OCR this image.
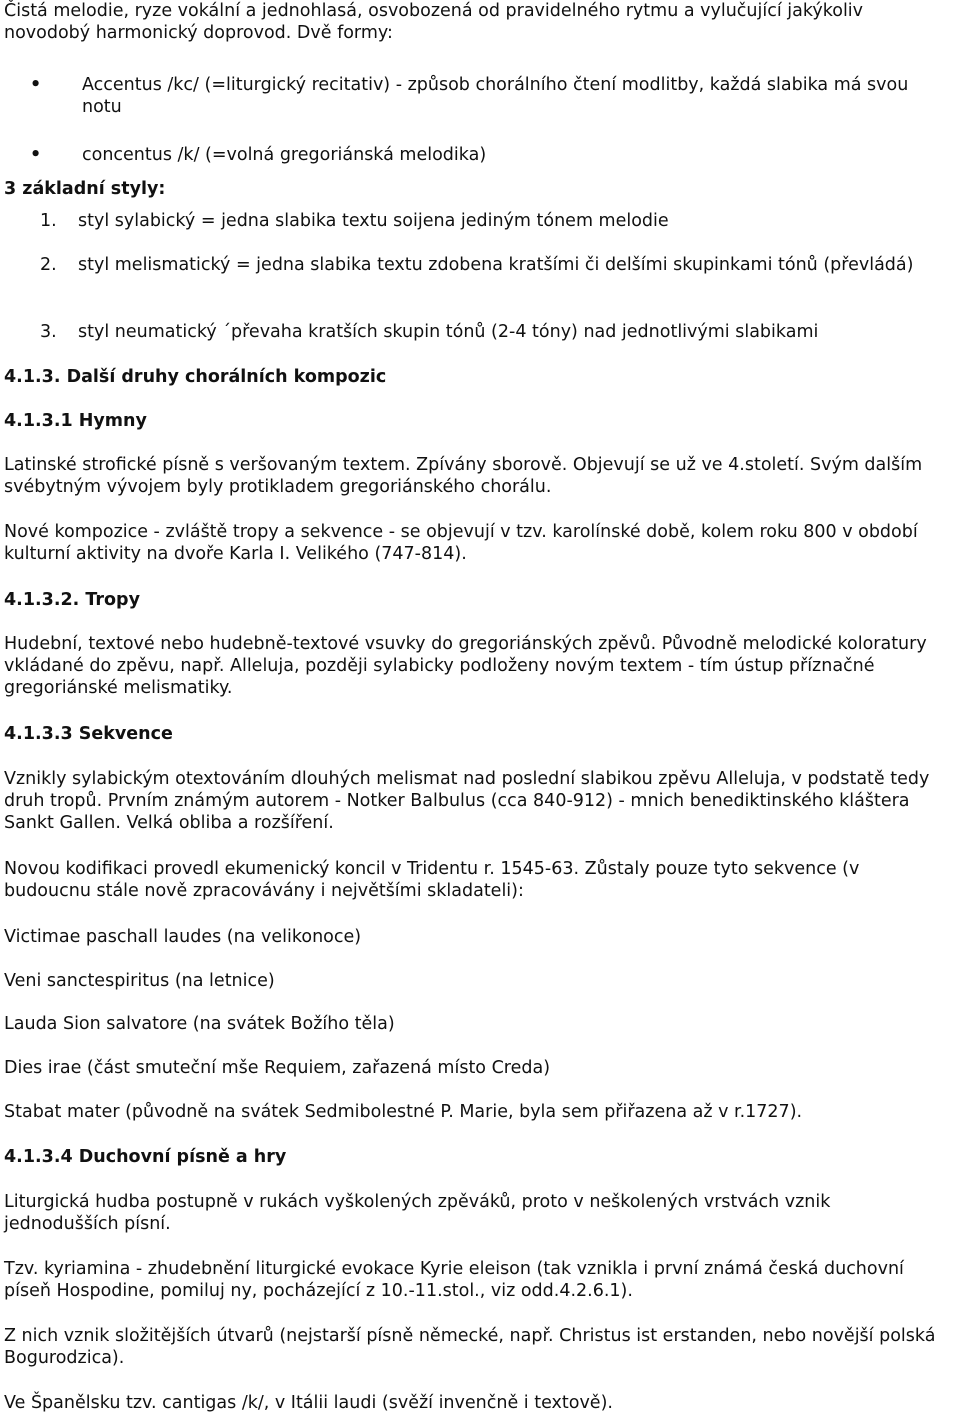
Čistá melodie, ryze vokální a jednohlasá, osvobozená od pravidelného rytmu a vylučující jakýkoliv novodobý harmonický doprovod. Dvě formy:

• Accentus /kc/ (=liturgický recitativ) - způsob chorálního čtení modlitby, každá slabika má svou notu

• concentus /k/ (=volná gregoriánská melodika)

3 základní styly:

1. styl sylabický = jedna slabika textu soijena jediným tónem melodie

2. styl melismatický = jedna slabika textu zdobena kratšími či delšími skupinkami tónů (převládá)

3. styl neumatický ´převaha kratších skupin tónů (2-4 tóny) nad jednotlivými slabikami

4.1.3. Další druhy chorálních kompozic

4.1.3.1 Hymny

Latinské strofické písně s veršovaným textem. Zpívány sborově. Objevují se už ve 4.století. Svým dalším svébytným vývojem byly protikladem gregoriánského chorálu.

Nové kompozice - zvláště tropy a sekvence - se objevují v tzv. karolínské době, kolem roku 800 v období kulturní aktivity na dvoře Karla I. Velikého (747-814).

4.1.3.2. Tropy

Hudební, textové nebo hudebně-textové vsuvky do gregoriánských zpěvů. Původně melodické koloratury vkládané do zpěvu, např. Alleluja, později sylabicky podloženy novým textem - tím ústup příznačné gregoriánské melismatiky.

4.1.3.3 Sekvence

Vznikly sylabickým otextováním dlouhých melismat nad poslední slabikou zpěvu Alleluja, v podstatě tedy druh tropů. Prvním známým autorem - Notker Balbulus (cca 840-912) - mnich benediktinského kláštera Sankt Gallen. Velká obliba a rozšíření.

Novou kodifikaci provedl ekumenický koncil v Tridentu r. 1545-63. Zůstaly pouze tyto sekvence (v budoucnu stále nově zpracovávány i největšími skladateli):

Victimae paschall laudes (na velikonoce)

Veni sanctespiritus (na letnice)

Lauda Sion salvatore (na svátek Božího těla)

Dies irae (část smuteční mše Requiem, zařazená místo Creda)

Stabat mater (původně na svátek Sedmibolestné P. Marie, byla sem přiřazena až v r.1727).

4.1.3.4 Duchovní písně a hry

Liturgická hudba postupně v rukách vyškolených zpěváků, proto v neškolených vrstvách vznik jednodušších písní.

Tzv. kyriamina - zhudebnění liturgické evokace Kyrie eleison (tak vznikla i první známá česká duchovní píseň Hospodine, pomiluj ny, pocházející z 10.-11.stol., viz odd.4.2.6.1).

Z nich vznik složitějších útvarů (nejstarší písně německé, např. Christus ist erstanden, nebo novější polská Bogurodzica).

Ve Španělsku tzv. cantigas /k/, v Itálii laudi (svěží invenčně i textově).
